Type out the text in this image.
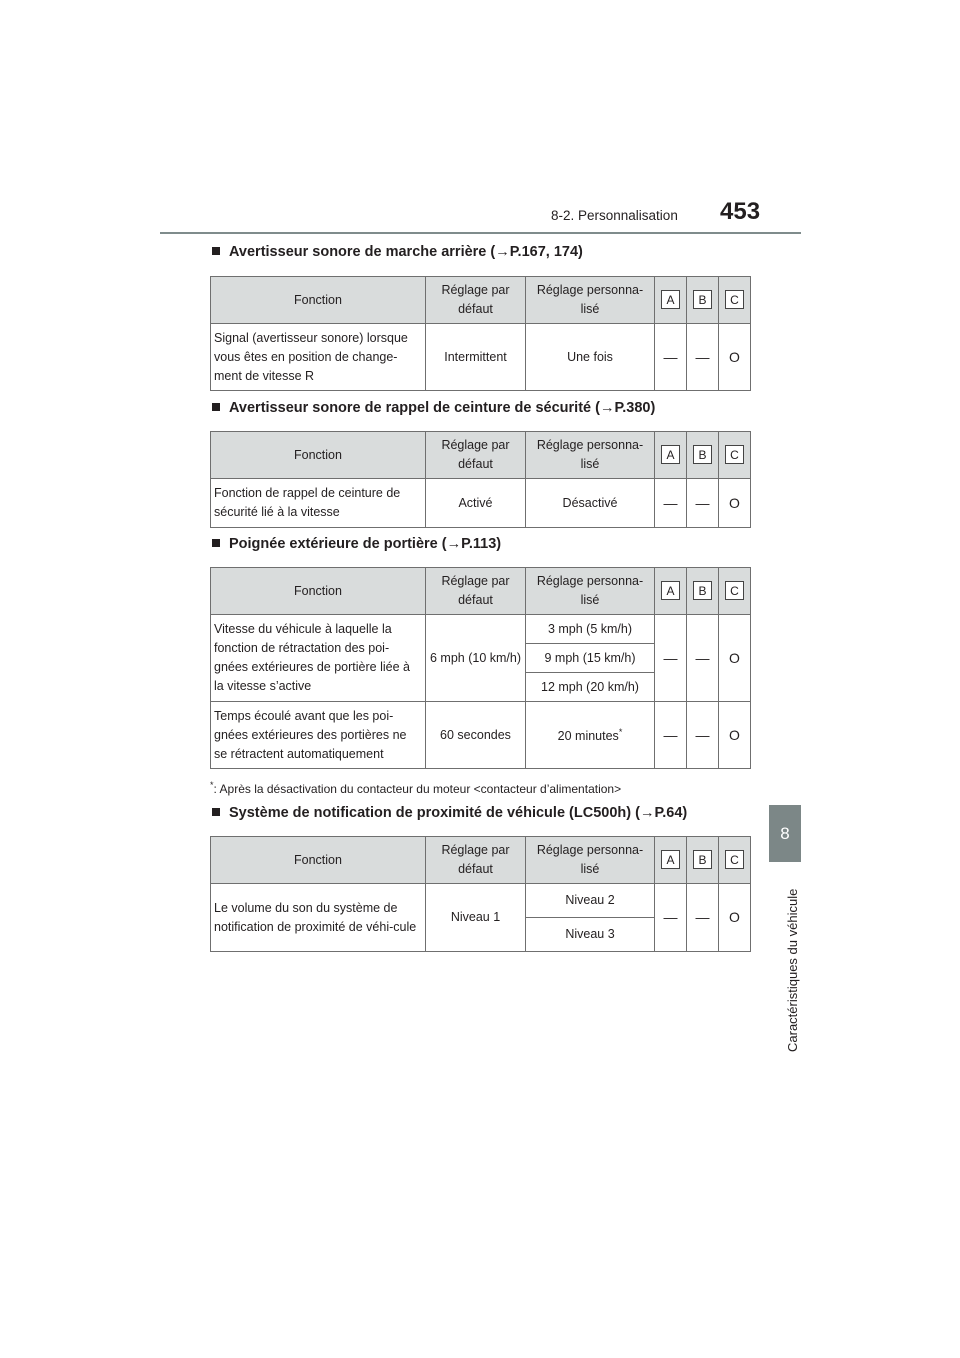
8-2. Personnalisation 453
8
Caractéristiques du véhicule
Avertisseur sonore de marche arrière (→P.167, 174)
Fonction	Réglage par défaut	Réglage personna-lisé	A	B	C
Signal (avertisseur sonore) lorsque vous êtes en position de change-ment de vitesse R	Intermittent	Une fois	—	—	O
Avertisseur sonore de rappel de ceinture de sécurité (→P.380)
Fonction	Réglage par défaut	Réglage personna-lisé	A	B	C
Fonction de rappel de ceinture de sécurité lié à la vitesse	Activé	Désactivé	—	—	O
Poignée extérieure de portière (→P.113)
Fonction	Réglage par défaut	Réglage personna-lisé	A	B	C
Vitesse du véhicule à laquelle la fonction de rétractation des poi-gnées extérieures de portière liée à la vitesse s’active	6 mph (10 km/h)	3 mph (5 km/h)	—	—	O
		9 mph (15 km/h)			
		12 mph (20 km/h)			
Temps écoulé avant que les poi-gnées extérieures des portières ne se rétractent automatiquement	60 secondes	20 minutes*	—	—	O
*: Après la désactivation du contacteur du moteur <contacteur d’alimentation>
Système de notification de proximité de véhicule (LC500h) (→P.64)
Fonction	Réglage par défaut	Réglage personna-lisé	A	B	C
Le volume du son du système de notification de proximité de véhi-cule	Niveau 1	Niveau 2	—	—	O
		Niveau 3			
